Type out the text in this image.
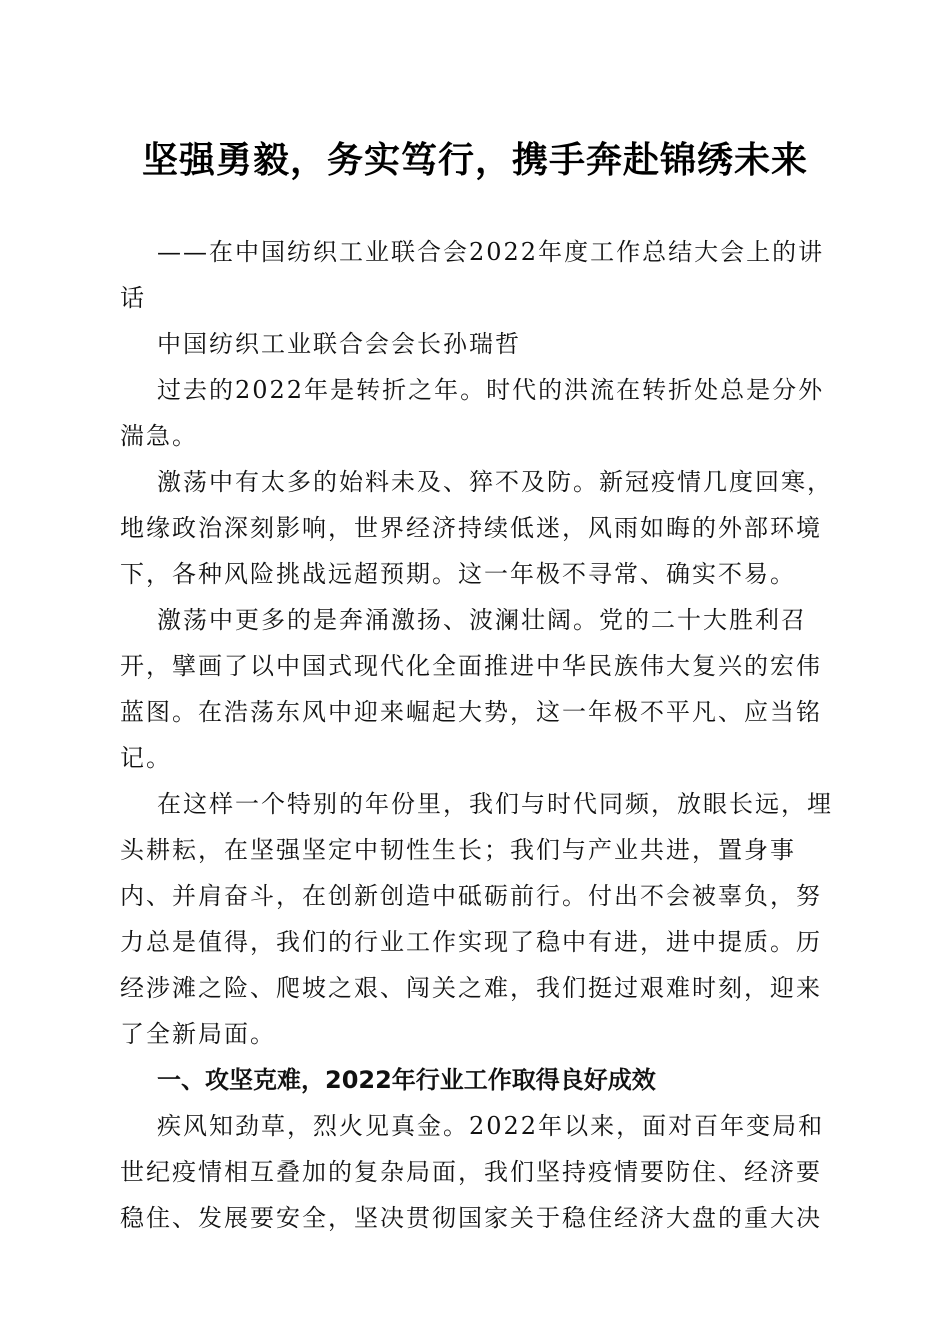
坚强勇毅，务实笃行，携手奔赴锦绣未来

——在中国纺织工业联合会2022年度工作总结大会上的讲话

中国纺织工业联合会会长孙瑞哲

过去的2022年是转折之年。时代的洪流在转折处总是分外湍急。

激荡中有太多的始料未及、猝不及防。新冠疫情几度回寒，地缘政治深刻影响，世界经济持续低迷，风雨如晦的外部环境下，各种风险挑战远超预期。这一年极不寻常、确实不易。

激荡中更多的是奔涌激扬、波澜壮阔。党的二十大胜利召开，擘画了以中国式现代化全面推进中华民族伟大复兴的宏伟蓝图。在浩荡东风中迎来崛起大势，这一年极不平凡、应当铭记。

在这样一个特别的年份里，我们与时代同频，放眼长远，埋头耕耘，在坚强坚定中韧性生长；我们与产业共进，置身事内、并肩奋斗，在创新创造中砥砺前行。付出不会被辜负，努力总是值得，我们的行业工作实现了稳中有进，进中提质。历经涉滩之险、爬坡之艰、闯关之难，我们挺过艰难时刻，迎来了全新局面。

一、攻坚克难，2022年行业工作取得良好成效

疾风知劲草，烈火见真金。2022年以来，面对百年变局和世纪疫情相互叠加的复杂局面，我们坚持疫情要防住、经济要稳住、发展要安全，坚决贯彻国家关于稳住经济大盘的重大决
